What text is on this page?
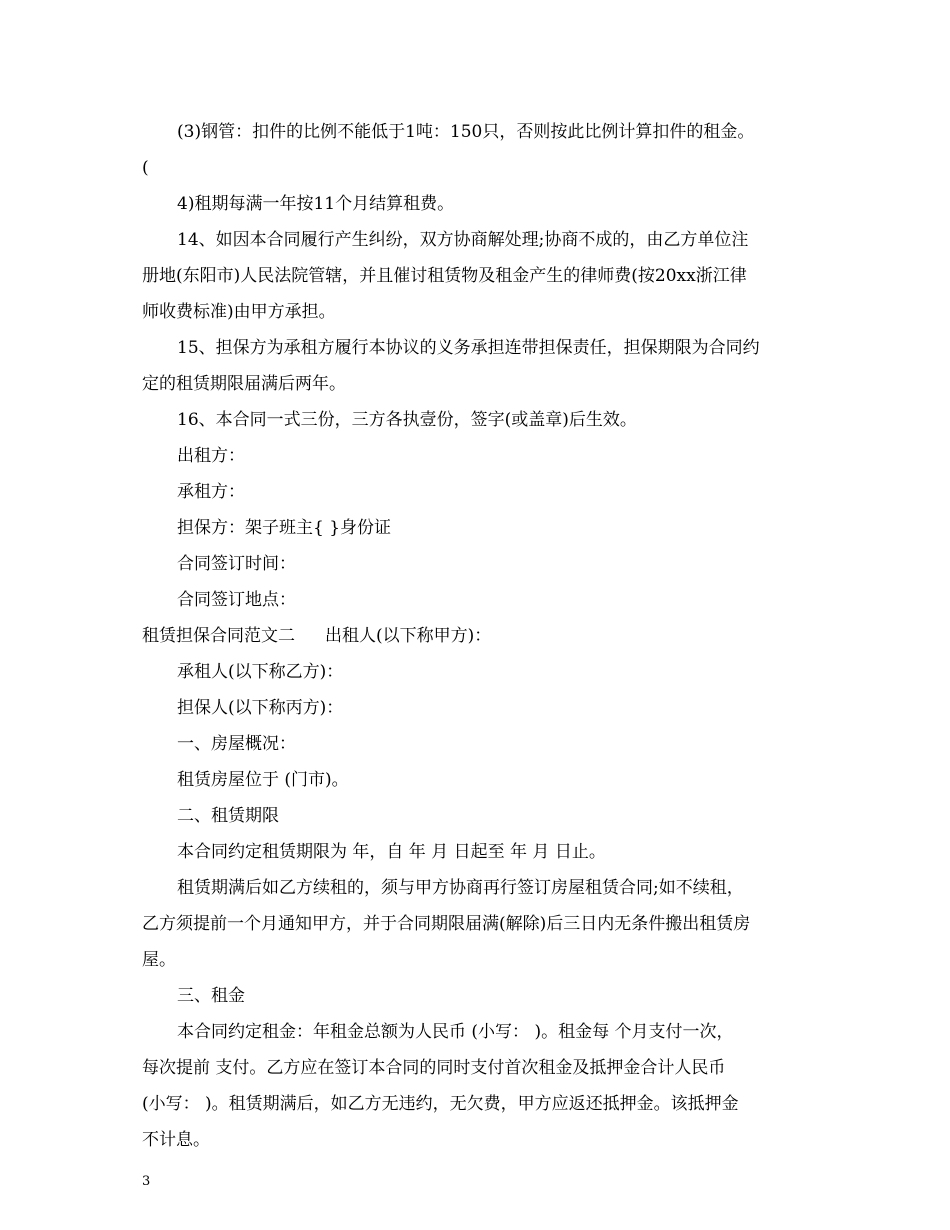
(3)钢管：扣件的比例不能低于1吨：150只，否则按此比例计算扣件的租金。
(
4)租期每满一年按11个月结算租费。
14、如因本合同履行产生纠纷，双方协商解处理;协商不成的，由乙方单位注
册地(东阳市)人民法院管辖，并且催讨租赁物及租金产生的律师费(按20xx浙江律
师收费标准)由甲方承担。
15、担保方为承租方履行本协议的义务承担连带担保责任，担保期限为合同约
定的租赁期限届满后两年。
16、本合同一式三份，三方各执壹份，签字(或盖章)后生效。
出租方：
承租方：
担保方：架子班主{ }身份证
合同签订时间：
合同签订地点：
租赁担保合同范文二 出租人(以下称甲方)：
承租人(以下称乙方)：
担保人(以下称丙方)：
一、房屋概况：
租赁房屋位于 (门市)。
二、租赁期限
本合同约定租赁期限为 年，自 年 月 日起至 年 月 日止。
租赁期满后如乙方续租的，须与甲方协商再行签订房屋租赁合同;如不续租，
乙方须提前一个月通知甲方，并于合同期限届满(解除)后三日内无条件搬出租赁房
屋。
三、租金
本合同约定租金：年租金总额为人民币 (小写： )。租金每 个月支付一次，
每次提前 支付。乙方应在签订本合同的同时支付首次租金及抵押金合计人民币
(小写： )。租赁期满后，如乙方无违约，无欠费，甲方应返还抵押金。该抵押金
不计息。
3
